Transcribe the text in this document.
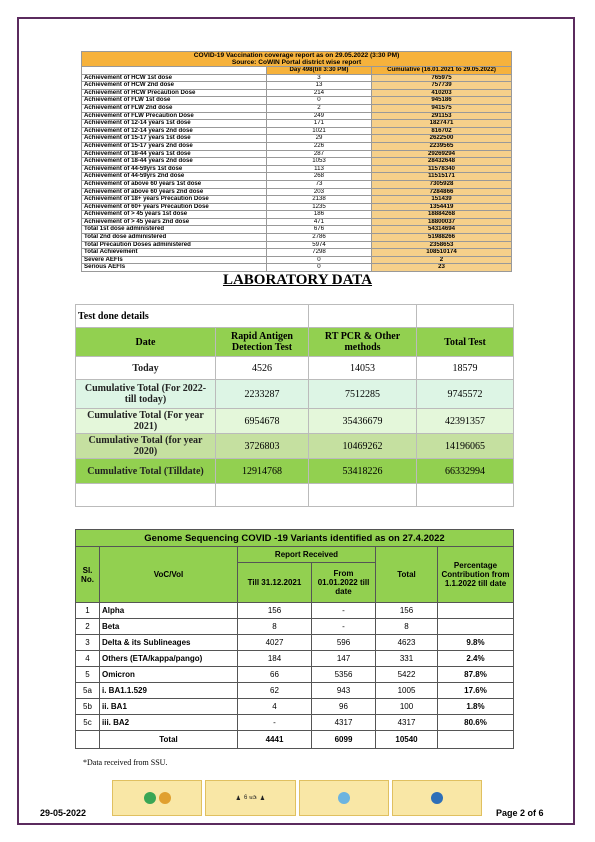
COVID-19 Vaccination coverage report as on 29.05.2022 (3:30 PM)
Source: CoWIN Portal district wise report		

	Day 498(till 3:30 PM)	Cumulative (16.01.2021 to 29.05.2022)
Achievement of HCW 1st dose	3	765975
Achievement of HCW 2nd dose	13	757739
Achievement of HCW Precaution Dose	214	410203
Achievement of FLW 1st dose	0	945186
Achievement of FLW 2nd dose	2	941575
Achievement of FLW Precaution Dose	249	291153
Achievement of 12-14 years 1st dose	171	1827471
Achievement of 12-14 years 2nd dose	1021	816702
Achievement of 15-17 years 1st dose	29	2622500
Achievement of 15-17 years 2nd dose	226	2239565
Achievement of 18-44 years 1st dose	287	29269294
Achievement of 18-44 years 2nd dose	1053	28432648
Achievement of 44-59yrs 1st dose	113	11578340
Achievement of 44-59yrs 2nd dose	268	11515171
Achievement of above 60 years 1st dose	73	7305928
Achievement of above 60 years 2nd dose	203	7284866
Achievement of 18+ years Precaution Dose	2138	151439
Achievement of 60+ years Precaution Dose	1235	1354419
Achievement of > 45 years 1st dose	186	18884268
Achievement of > 45 years 2nd dose	471	18800037
Total 1st dose administered	676	54314694
Total 2nd dose administered	2786	51988266
Total Precaution Doses administered	5974	2358653
Total Achievement	7298	108510174
Severe AEFIs	0	2
Serious AEFIs	0	23
LABORATORY DATA
Test done details			
Date	Rapid Antigen Detection Test	RT PCR & Other methods	Total Test
Today	4526	14053	18579
Cumulative Total (For 2022- till today)	2233287	7512285	9745572
Cumulative Total (For year 2021)	6954678	35436679	42391357
Cumulative Total (for year 2020)	3726803	10469262	14196065
Cumulative Total (Tilldate)	12914768	53418226	66332994

Genome Sequencing COVID -19 Variants identified as on 27.4.2022					
Sl. No.	VoC/VoI	Report Received		Total	Percentage Contribution from 1.1.2022 till date
		Till 31.12.2021	From 01.01.2022 till date		
1	Alpha	156	-	156	
2	Beta	8	-	8	
3	Delta & its Sublineages	4027	596	4623	9.8%
4	Others (ETA/kappa/pango)	184	147	331	2.4%
5	Omicron	66	5356	5422	87.8%
5a	i. BA1.1.529	62	943	1005	17.6%
5b	ii. BA1	4	96	100	1.8%
5c	iii. BA2	-	4317	4317	80.6%
	Total	4441	6099	10540	
*Data received from SSU.
♟ 6 ಅಡಿ ♟
29-05-2022	Page 2 of 6
